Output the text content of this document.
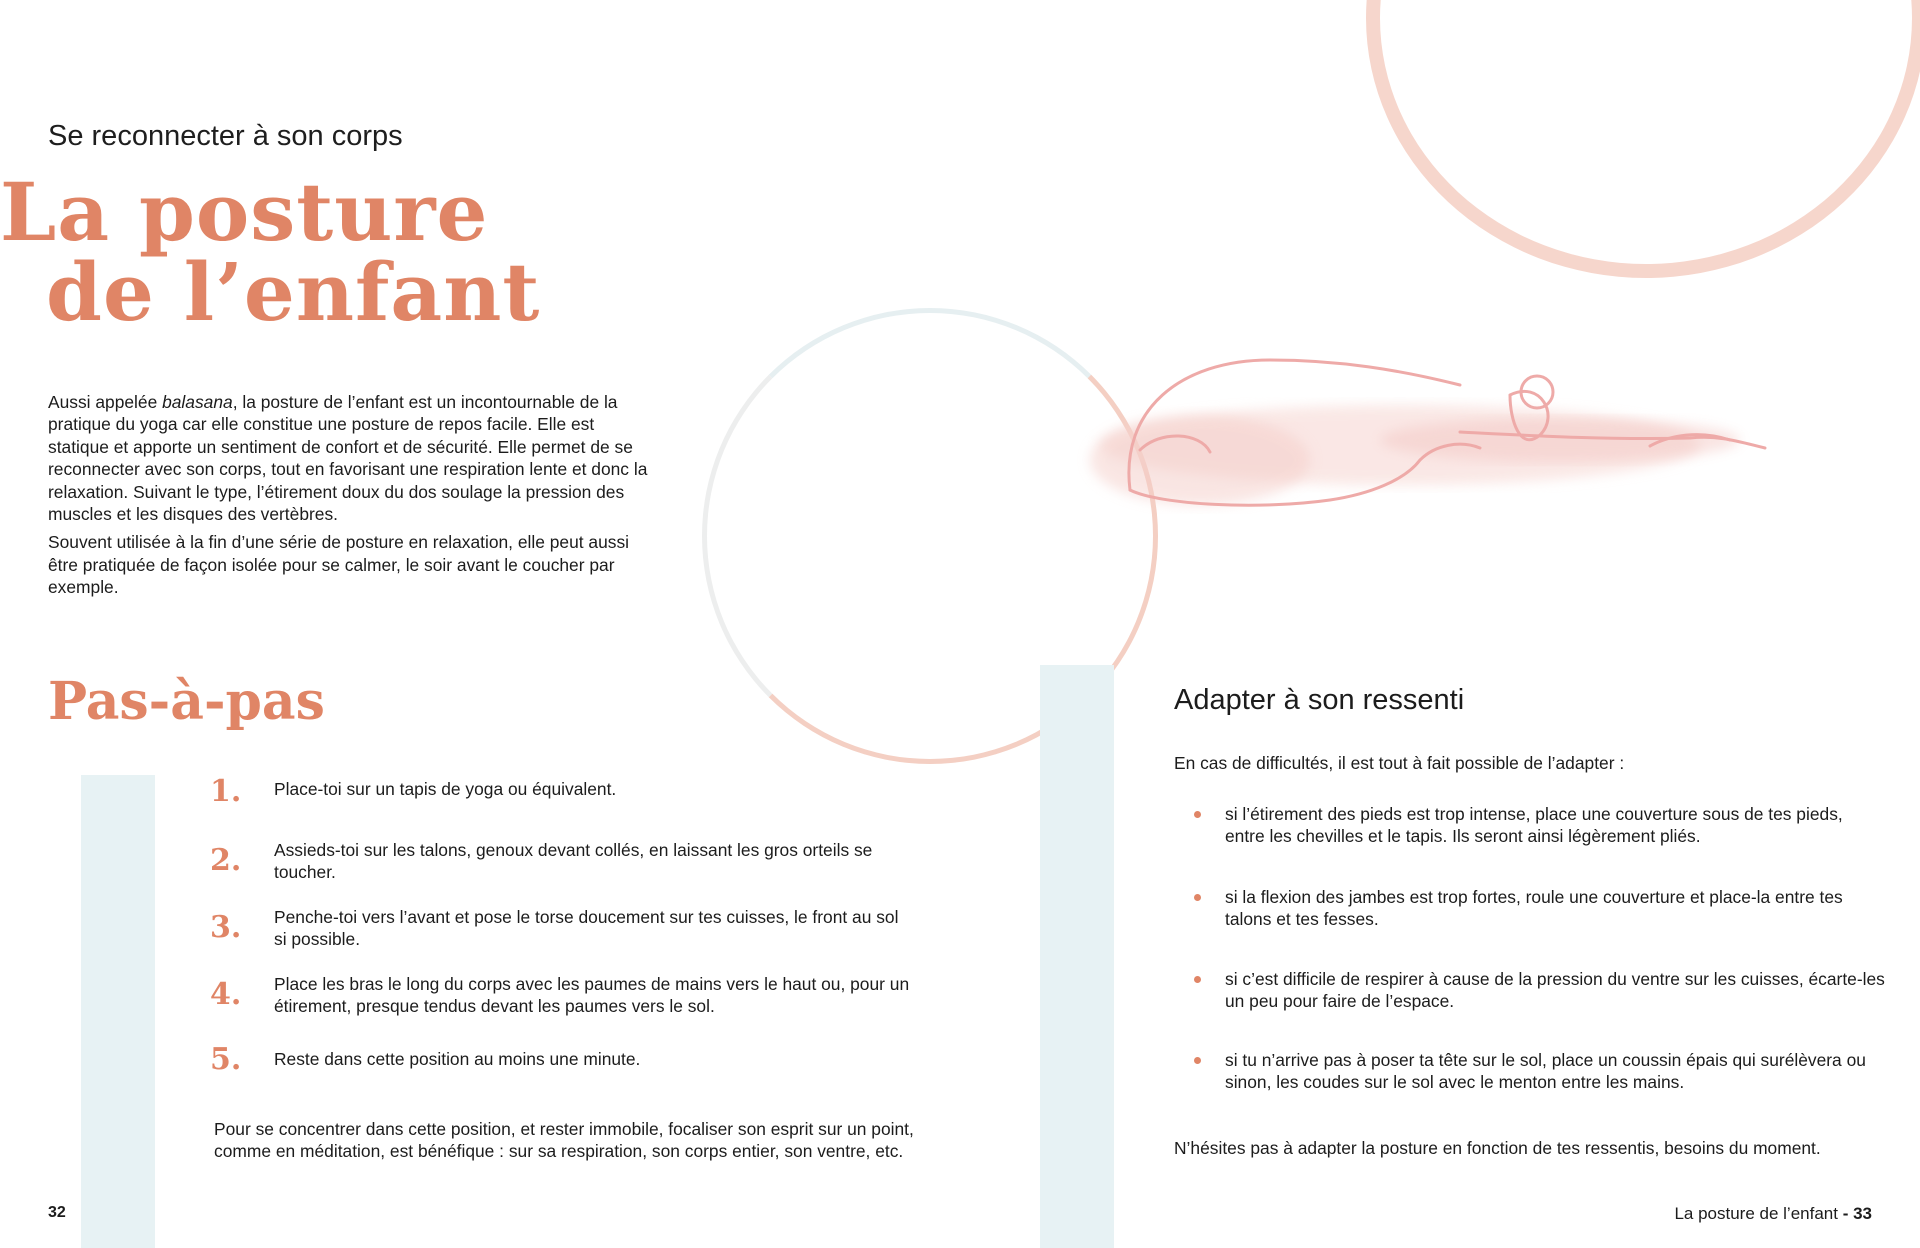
Se reconnecter à son corps
La posture
de l’enfant

Aussi appelée balasana, la posture de l’enfant est un incontournable de la pratique du yoga car elle constitue une posture de repos facile. Elle est statique et apporte un sentiment de confort et de sécurité. Elle permet de se reconnecter avec son corps, tout en favorisant une respiration lente et donc la relaxation. Suivant le type, l’étirement doux du dos soulage la pression des muscles et les disques des vertèbres.

Souvent utilisée à la fin d’une série de posture en relaxation, elle peut aussi être pratiquée de façon isolée pour se calmer, le soir avant le coucher par exemple.

Pas-à-pas
1. Place-toi sur un tapis de yoga ou équivalent.
2. Assieds-toi sur les talons, genoux devant collés, en laissant les gros orteils se toucher.
3. Penche-toi vers l’avant et pose le torse doucement sur tes cuisses, le front au sol si possible.
4. Place les bras le long du corps avec les paumes de mains vers le haut ou, pour un étirement, presque tendus devant les paumes vers le sol.
5. Reste dans cette position au moins une minute.
Pour se concentrer dans cette position, et rester immobile, focaliser son esprit sur un point, comme en méditation, est bénéfique : sur sa respiration, son corps entier, son ventre, etc.
Adapter à son ressenti
En cas de difficultés, il est tout à fait possible de l’adapter :
si l’étirement des pieds est trop intense, place une couverture sous de tes pieds, entre les chevilles et le tapis. Ils seront ainsi légèrement pliés.
si la flexion des jambes est trop fortes, roule une couverture et place-la entre tes talons et tes fesses.
si c’est difficile de respirer à cause de la pression du ventre sur les cuisses, écarte-les un peu pour faire de l’espace.
si tu n’arrive pas à poser ta tête sur le sol, place un coussin épais qui surélèvera ou sinon, les coudes sur le sol avec le menton entre les mains.
N’hésites pas à adapter la posture en fonction de tes ressentis, besoins du moment.
32	La posture de l’enfant - 33
